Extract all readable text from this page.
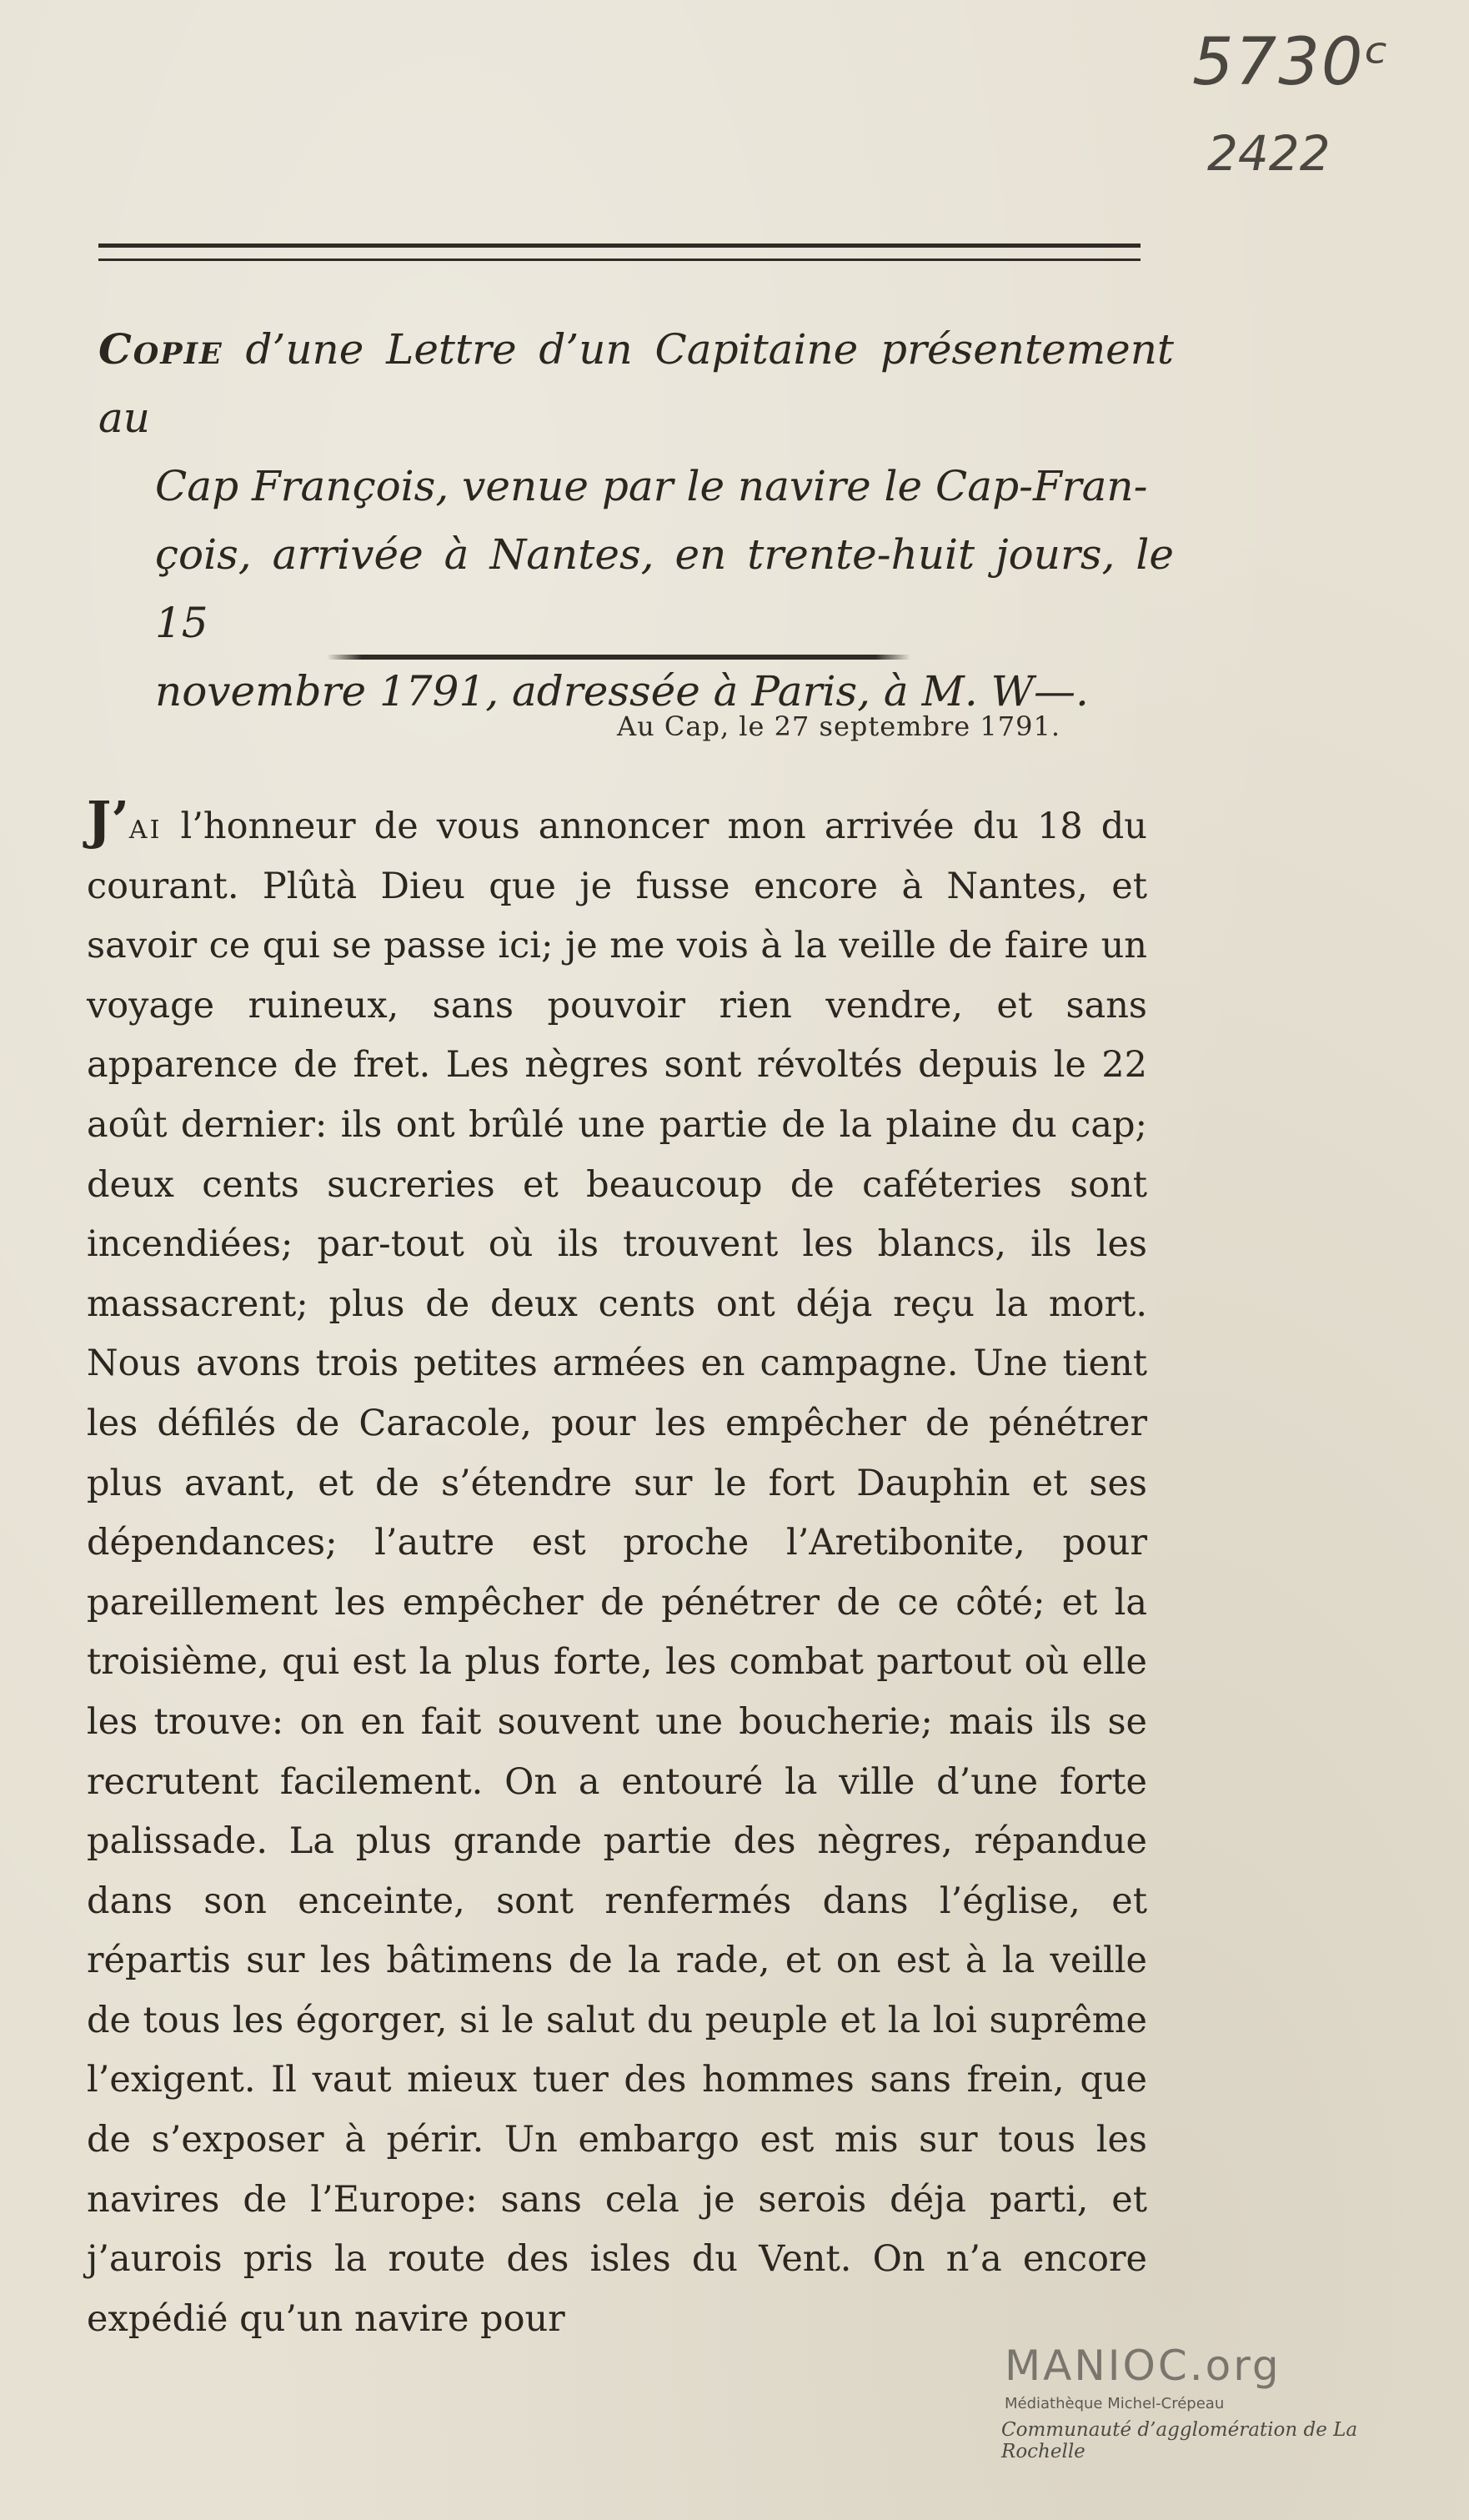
5730ᶜ
2422
Copie d’une Lettre d’un Capitaine présentement au
Cap François, venue par le navire le Cap-Fran-
çois, arrivée à Nantes, en trente-huit jours, le 15
novembre 1791, adressée à Paris, à M. W—.
Au Cap, le 27 septembre 1791.
J’ai l’honneur de vous annoncer mon arrivée du 18 du courant. Plûtà Dieu que je fusse encore à Nantes, et savoir ce qui se passe ici; je me vois à la veille de faire un voyage ruineux, sans pouvoir rien vendre, et sans apparence de fret. Les nègres sont révoltés depuis le 22 août dernier: ils ont brûlé une partie de la plaine du cap; deux cents sucreries et beaucoup de caféteries sont incendiées; par-tout où ils trouvent les blancs, ils les massacrent; plus de deux cents ont déja reçu la mort. Nous avons trois petites armées en campagne. Une tient les défilés de Caracole, pour les empêcher de pénétrer plus avant, et de s’étendre sur le fort Dauphin et ses dépendances; l’autre est proche l’Aretibonite, pour pareillement les empêcher de pénétrer de ce côté; et la troisième, qui est la plus forte, les combat partout où elle les trouve: on en fait souvent une boucherie; mais ils se recrutent facilement. On a entouré la ville d’une forte palissade. La plus grande partie des nègres, répandue dans son enceinte, sont renfermés dans l’église, et répartis sur les bâtimens de la rade, et on est à la veille de tous les égorger, si le salut du peuple et la loi suprême l’exigent. Il vaut mieux tuer des hommes sans frein, que de s’exposer à périr. Un embargo est mis sur tous les navires de l’Europe: sans cela je serois déja parti, et j’aurois pris la route des isles du Vent. On n’a encore expédié qu’un navire pour
MANIOC.org
Médiathèque Michel-Crépeau
Communauté d’agglomération de La Rochelle
